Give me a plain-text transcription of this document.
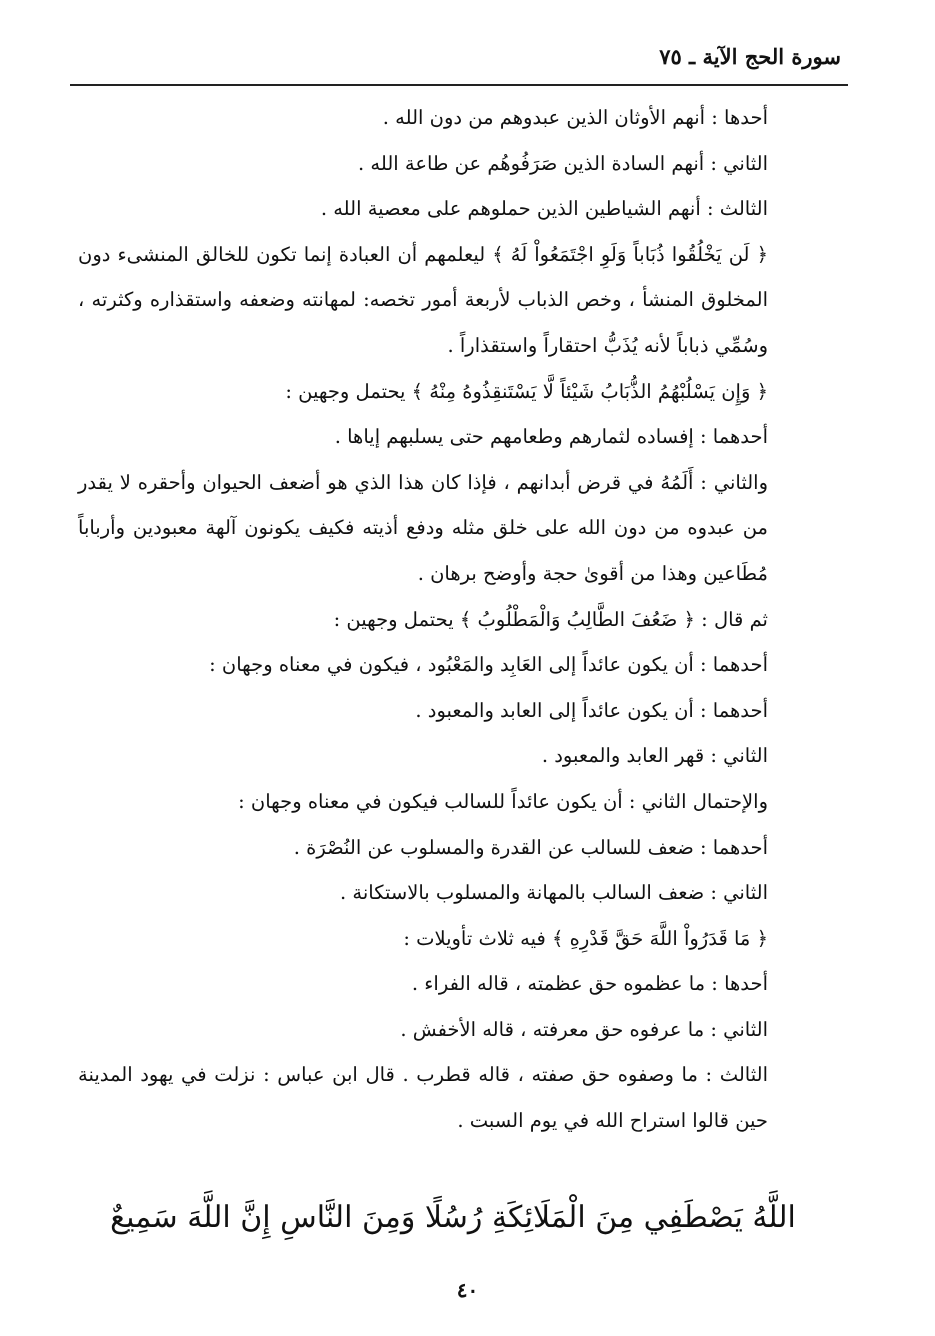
سورة الحج الآية ـ ٧٥

أحدها : أنهم الأوثان الذين عبدوهم من دون الله .

الثاني : أنهم السادة الذين صَرَفُوهُم عن طاعة الله .

الثالث : أنهم الشياطين الذين حملوهم على معصية الله .

﴿ لَن يَخْلُقُوا ذُبَاباً وَلَوِ اجْتَمَعُواْ لَهُ ﴾ ليعلمهم أن العبادة إنما تكون للخالق المنشىء دون المخلوق المنشأ ، وخص الذباب لأربعة أمور تخصه: لمهانته وضعفه واستقذاره وكثرته ، وسُمِّي ذباباً لأنه يُذَبُّ احتقاراً واستقذاراً .

﴿ وَإِن يَسْلُبْهُمُ الذُّبَابُ شَيْئاً لَّا يَسْتَنقِذُوهُ مِنْهُ ﴾ يحتمل وجهين :

أحدهما : إفساده لثمارهم وطعامهم حتى يسلبهم إياها .

والثاني : أَلَمُهُ في قرض أبدانهم ، فإذا كان هذا الذي هو أضعف الحيوان وأحقره لا يقدر من عبدوه من دون الله على خلق مثله ودفع أذيته فكيف يكونون آلهة معبودين وأرباباً مُطَاعين وهذا من أقوىٰ حجة وأوضح برهان .

ثم قال : ﴿ ضَعُفَ الطَّالِبُ وَالْمَطْلُوبُ ﴾ يحتمل وجهين :

أحدهما : أن يكون عائداً إلى العَابِد والمَعْبُود ، فيكون في معناه وجهان :

أحدهما : أن يكون عائداً إلى العابد والمعبود .

الثاني : قهر العابد والمعبود .

والإحتمال الثاني : أن يكون عائداً للسالب فيكون في معناه وجهان :

أحدهما : ضعف للسالب عن القدرة والمسلوب عن النُصْرَة .

الثاني : ضعف السالب بالمهانة والمسلوب بالاستكانة .

﴿ مَا قَدَرُواْ اللَّهَ حَقَّ قَدْرِهِ ﴾ فيه ثلاث تأويلات :

أحدها : ما عظموه حق عظمته ، قاله الفراء .

الثاني : ما عرفوه حق معرفته ، قاله الأخفش .

الثالث : ما وصفوه حق صفته ، قاله قطرب . قال ابن عباس : نزلت في يهود المدينة حين قالوا استراح الله في يوم السبت .

اللَّهُ يَصْطَفِي مِنَ الْمَلَائِكَةِ رُسُلًا وَمِنَ النَّاسِ إِنَّ اللَّهَ سَمِيعٌ
٤٠
